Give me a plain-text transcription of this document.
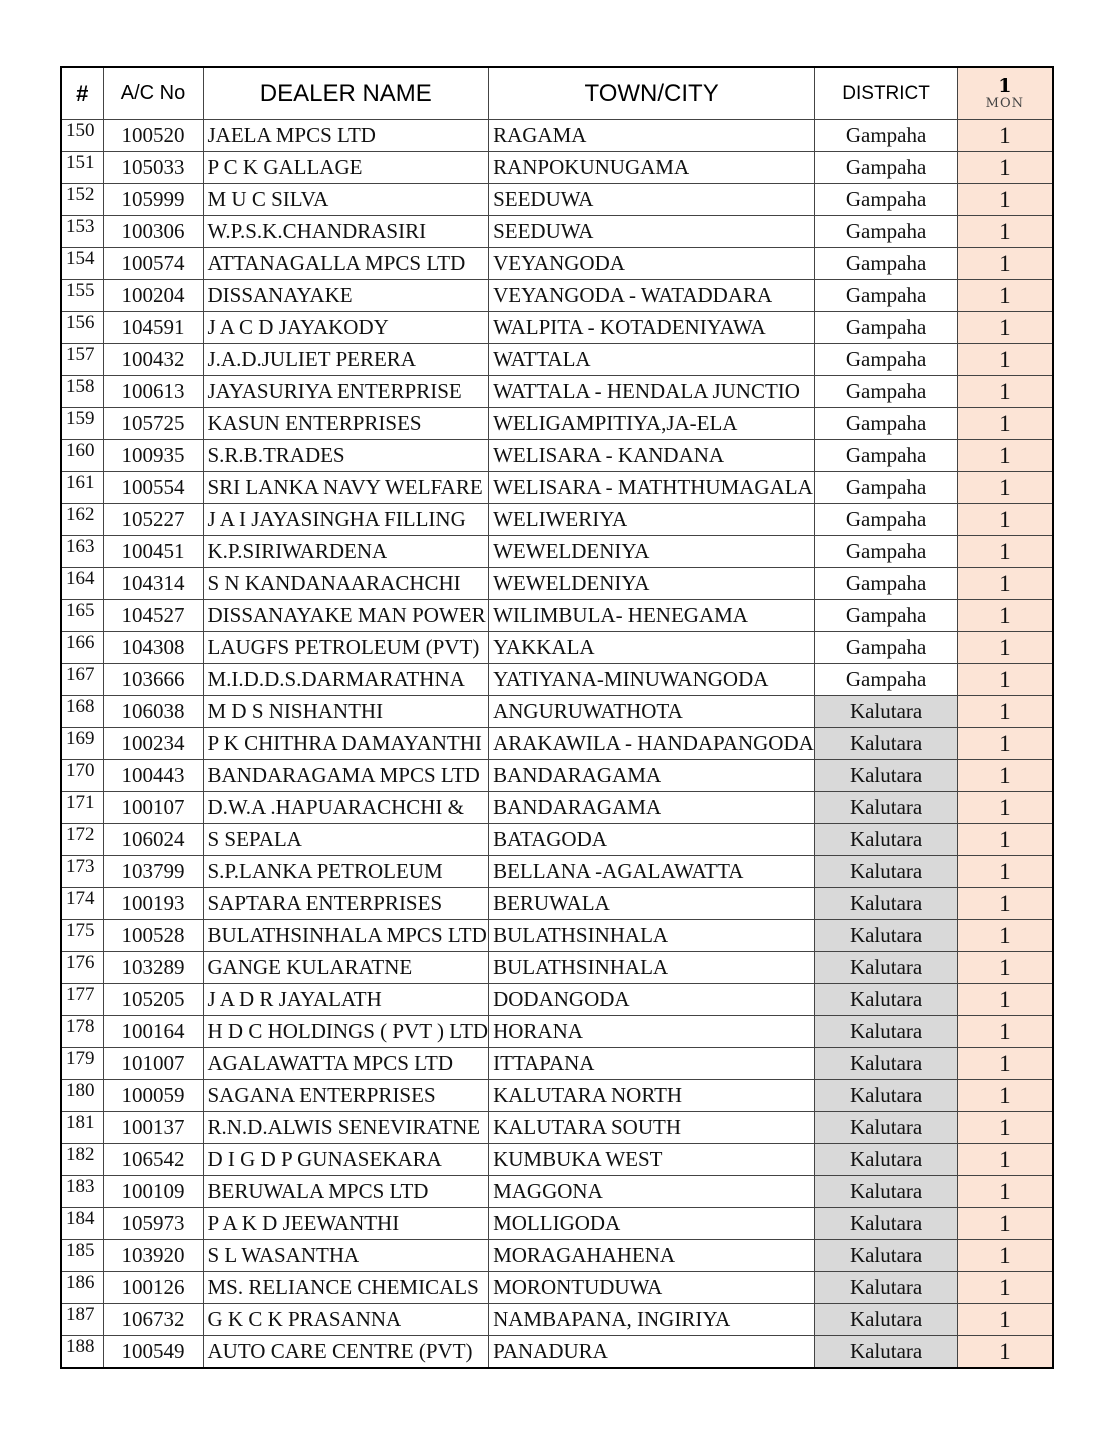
#	A/C No	DEALER NAME	TOWN/CITY	DISTRICT	1
MON

150	100520	JAELA MPCS LTD	RAGAMA	Gampaha	1
151	105033	P C K GALLAGE	RANPOKUNUGAMA	Gampaha	1
152	105999	M U C SILVA	SEEDUWA	Gampaha	1
153	100306	W.P.S.K.CHANDRASIRI	SEEDUWA	Gampaha	1
154	100574	ATTANAGALLA MPCS LTD	VEYANGODA	Gampaha	1
155	100204	DISSANAYAKE	VEYANGODA - WATADDARA	Gampaha	1
156	104591	J A C D JAYAKODY	WALPITA - KOTADENIYAWA	Gampaha	1
157	100432	J.A.D.JULIET PERERA	WATTALA	Gampaha	1
158	100613	JAYASURIYA ENTERPRISE	WATTALA - HENDALA JUNCTIO	Gampaha	1
159	105725	KASUN ENTERPRISES	WELIGAMPITIYA,JA-ELA	Gampaha	1
160	100935	S.R.B.TRADES	WELISARA - KANDANA	Gampaha	1
161	100554	SRI LANKA NAVY WELFARE	WELISARA - MATHTHUMAGALA	Gampaha	1
162	105227	J A I JAYASINGHA FILLING	WELIWERIYA	Gampaha	1
163	100451	K.P.SIRIWARDENA	WEWELDENIYA	Gampaha	1
164	104314	S N KANDANAARACHCHI	WEWELDENIYA	Gampaha	1
165	104527	DISSANAYAKE MAN POWER	WILIMBULA- HENEGAMA	Gampaha	1
166	104308	LAUGFS PETROLEUM (PVT)	YAKKALA	Gampaha	1
167	103666	M.I.D.D.S.DARMARATHNA	YATIYANA-MINUWANGODA	Gampaha	1
168	106038	M D S NISHANTHI	ANGURUWATHOTA	Kalutara	1
169	100234	P K CHITHRA DAMAYANTHI	ARAKAWILA - HANDAPANGODA	Kalutara	1
170	100443	BANDARAGAMA MPCS LTD	BANDARAGAMA	Kalutara	1
171	100107	D.W.A .HAPUARACHCHI &	BANDARAGAMA	Kalutara	1
172	106024	S SEPALA	BATAGODA	Kalutara	1
173	103799	S.P.LANKA PETROLEUM	BELLANA -AGALAWATTA	Kalutara	1
174	100193	SAPTARA ENTERPRISES	BERUWALA	Kalutara	1
175	100528	BULATHSINHALA MPCS LTD	BULATHSINHALA	Kalutara	1
176	103289	GANGE KULARATNE	BULATHSINHALA	Kalutara	1
177	105205	J A D R JAYALATH	DODANGODA	Kalutara	1
178	100164	H D C HOLDINGS ( PVT ) LTD	HORANA	Kalutara	1
179	101007	AGALAWATTA MPCS LTD	ITTAPANA	Kalutara	1
180	100059	SAGANA ENTERPRISES	KALUTARA NORTH	Kalutara	1
181	100137	R.N.D.ALWIS SENEVIRATNE	KALUTARA SOUTH	Kalutara	1
182	106542	D I G D P GUNASEKARA	KUMBUKA WEST	Kalutara	1
183	100109	BERUWALA MPCS LTD	MAGGONA	Kalutara	1
184	105973	P A K D JEEWANTHI	MOLLIGODA	Kalutara	1
185	103920	S L WASANTHA	MORAGAHAHENA	Kalutara	1
186	100126	MS. RELIANCE CHEMICALS	MORONTUDUWA	Kalutara	1
187	106732	G K C K PRASANNA	NAMBAPANA, INGIRIYA	Kalutara	1
188	100549	AUTO CARE CENTRE (PVT)	PANADURA	Kalutara	1
